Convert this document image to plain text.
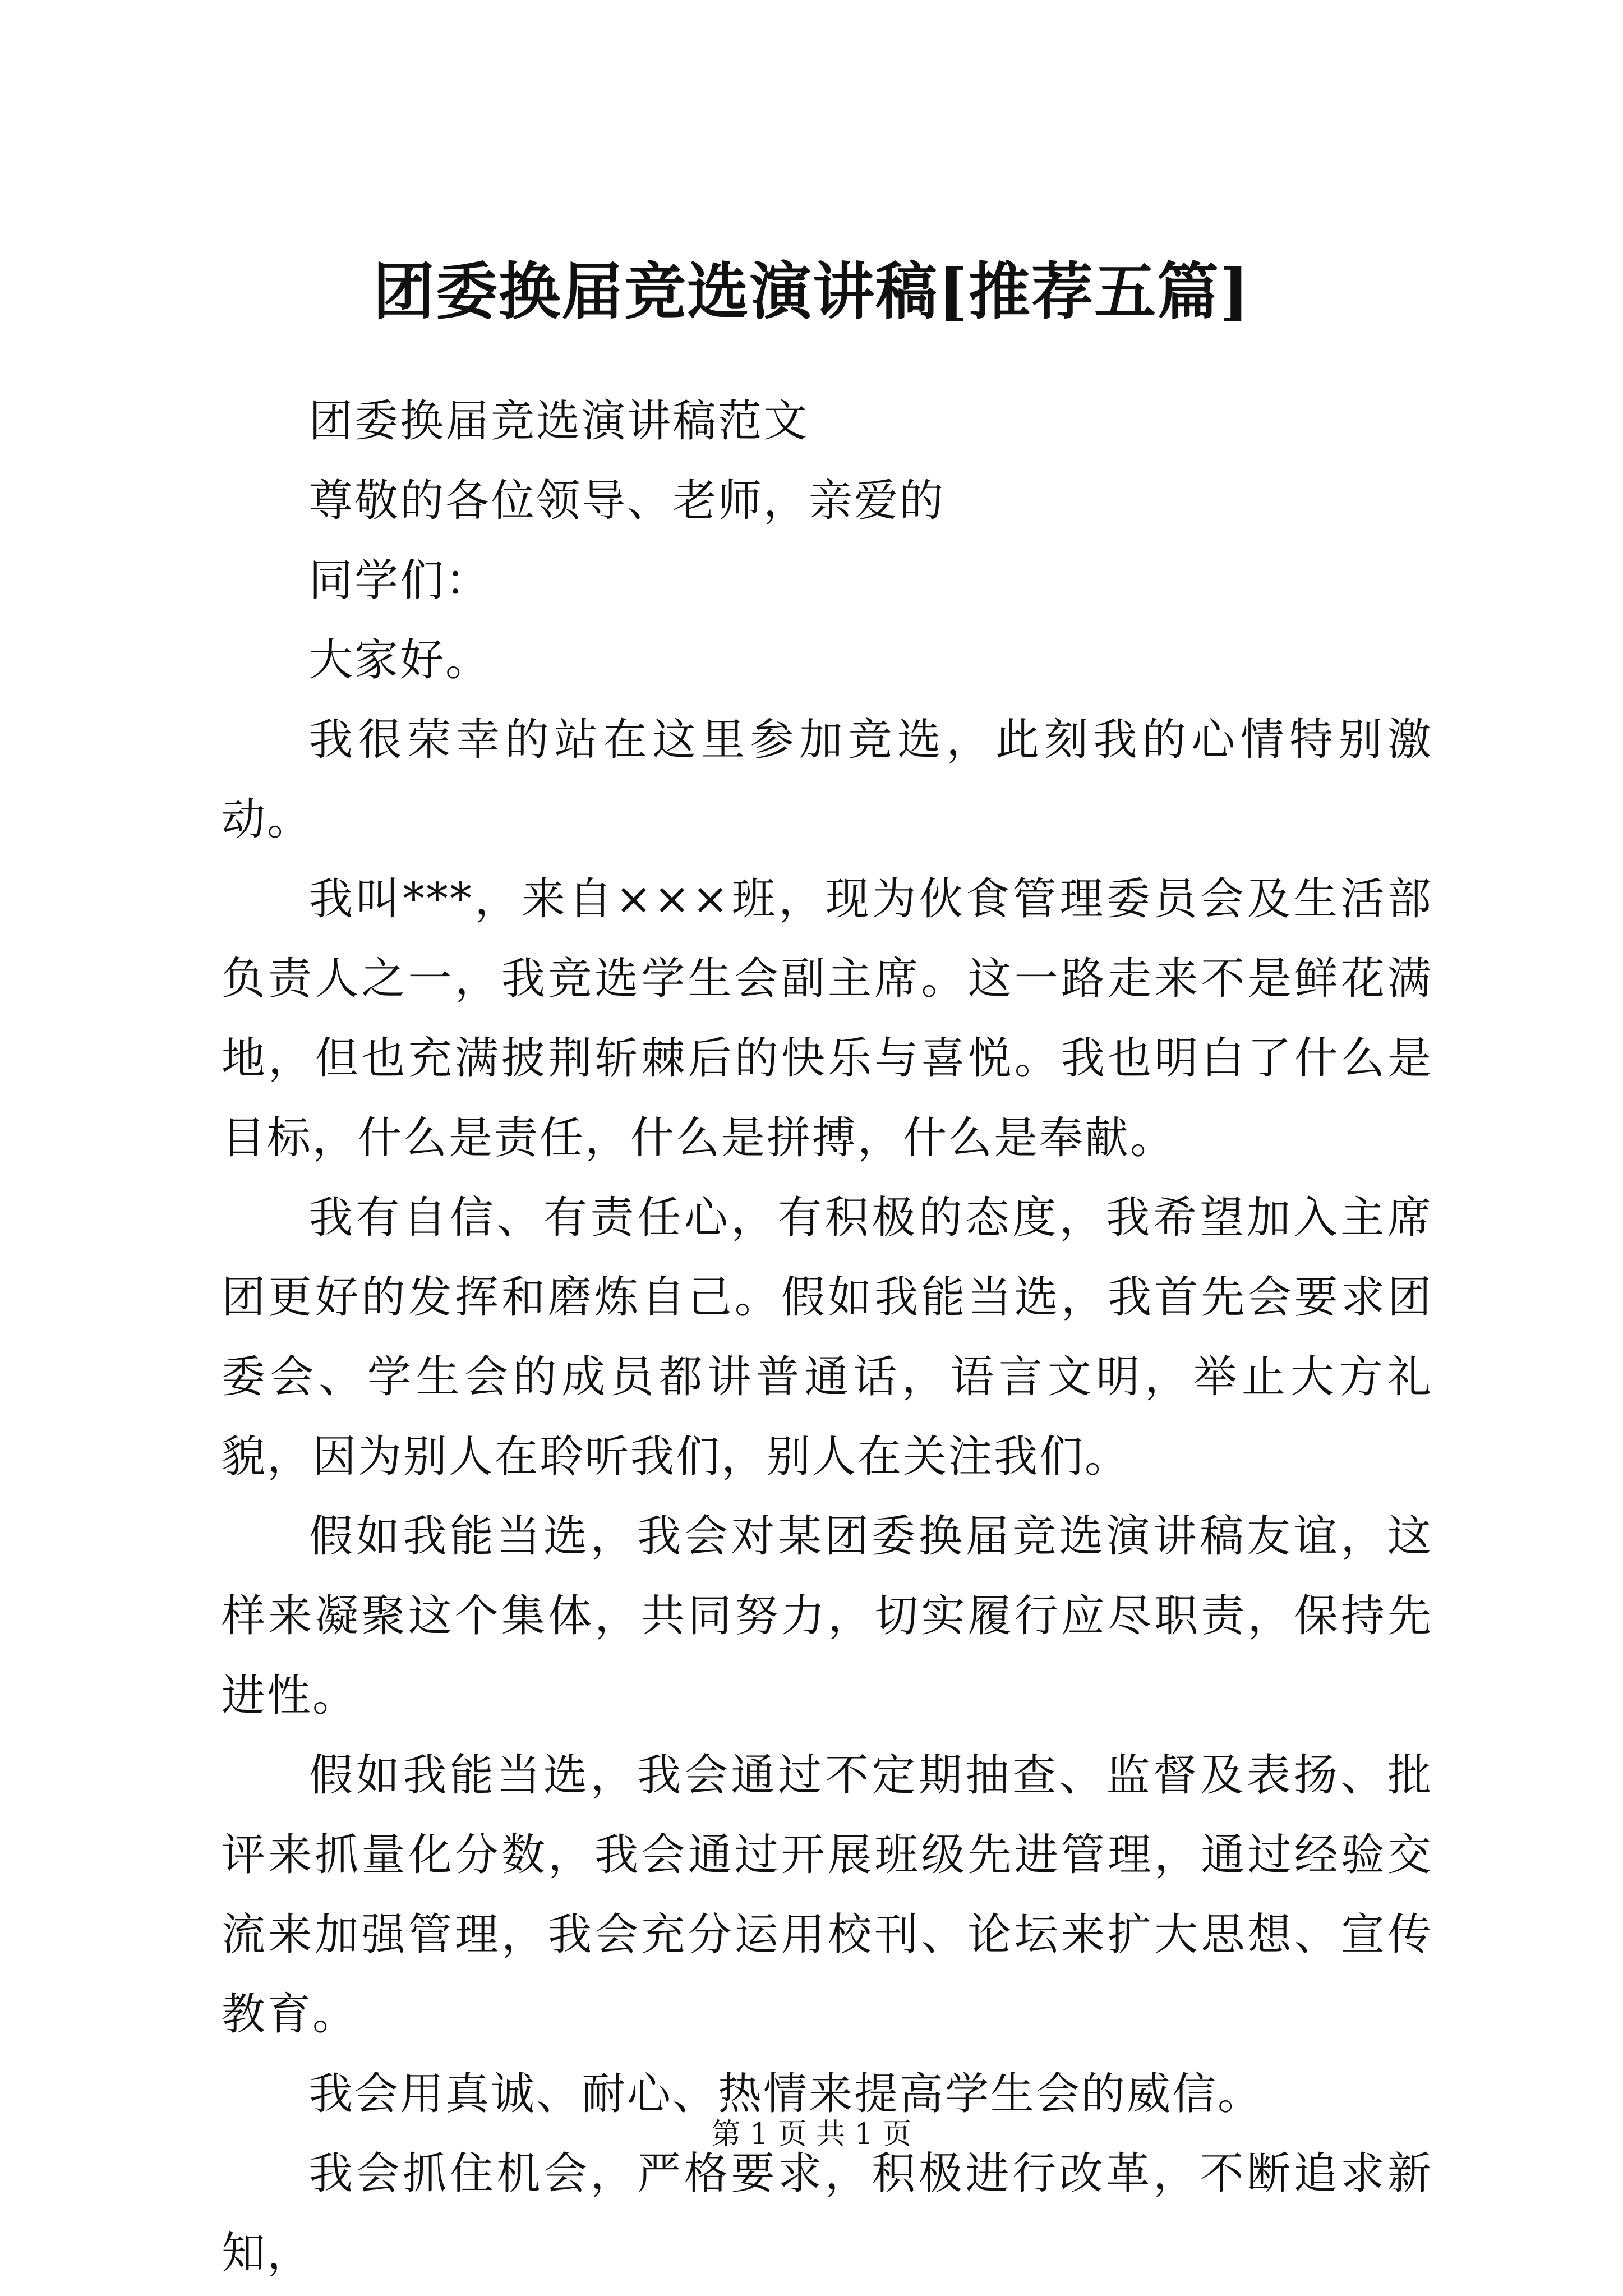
团委换届竞选演讲稿[推荐五篇]

团委换届竞选演讲稿范文

尊敬的各位领导、老师，亲爱的

同学们：

大家好。

我很荣幸的站在这里参加竞选，此刻我的心情特别激动。

我叫***，来自×××班，现为伙食管理委员会及生活部负责人之一，我竞选学生会副主席。这一路走来不是鲜花满地，但也充满披荆斩棘后的快乐与喜悦。我也明白了什么是目标，什么是责任，什么是拼搏，什么是奉献。

我有自信、有责任心，有积极的态度，我希望加入主席团更好的发挥和磨炼自己。假如我能当选，我首先会要求团委会、学生会的成员都讲普通话，语言文明，举止大方礼貌，因为别人在聆听我们，别人在关注我们。

假如我能当选，我会对某团委换届竞选演讲稿友谊，这样来凝聚这个集体，共同努力，切实履行应尽职责，保持先进性。

假如我能当选，我会通过不定期抽查、监督及表扬、批评来抓量化分数，我会通过开展班级先进管理，通过经验交流来加强管理，我会充分运用校刊、论坛来扩大思想、宣传教育。

我会用真诚、耐心、热情来提高学生会的威信。

我会抓住机会，严格要求，积极进行改革，不断追求新知，

第 1 页 共 1 页
